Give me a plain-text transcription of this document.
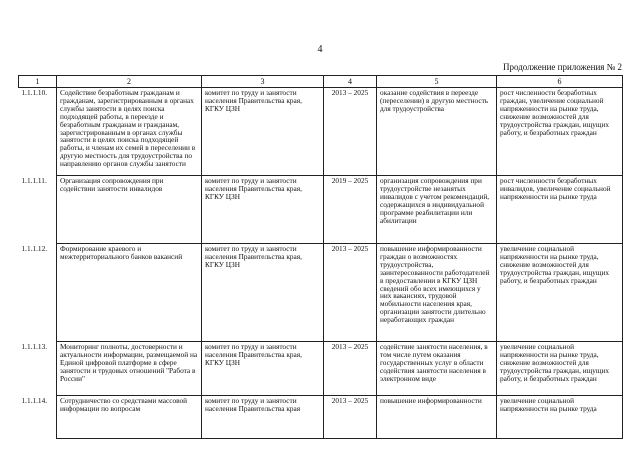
4
Продолжение приложения № 2
1	2	3	4	5	6
1.1.1.10.	Содействие безработным гражданам и гражданам, зарегистрированным в органах службы занятости в целях поиска подходящей работы, в переезде и безработным гражданам и гражданам, зарегистрированным в органах службы занятости в целях поиска подходящей работы, и членам их семей в переселении в другую местность для трудоустройства по направлению органов службы занятости	комитет по труду и занятости населения Правительства края, КГКУ ЦЗН	2013 – 2025	оказание содействия в переезде (переселении) в другую местность для трудоустройства	рост численности безработных граждан, увеличение социальной напряженности на рынке труда, снижение возможностей для трудоустройства граждан, ищущих работу, и безработных граждан
1.1.1.11.	Организация сопровождения при содействии занятости инвалидов	комитет по труду и занятости населения Правительства края, КГКУ ЦЗН	2019 – 2025	организация сопровождения при трудоустройстве незанятых инвалидов с учетом рекомендаций, содержащихся в индивидуальной программе реабилитации или абилитации	рост численности безработных инвалидов, увеличение социальной напряженности на рынке труда
1.1.1.12.	Формирование краевого и межтерриториального банков вакансий	комитет по труду и занятости населения Правительства края, КГКУ ЦЗН	2013 – 2025	повышение информированности граждан о возможностях трудоустройства, заинтересованности работодателей в предоставлении в КГКУ ЦЗН сведений обо всех имеющихся у них вакансиях, трудовой мобильности населения края, организации занятости длительно неработающих граждан	увеличение социальной напряженности на рынке труда, снижение возможностей для трудоустройства граждан, ищущих работу, и безработных граждан
1.1.1.13.	Мониторинг полноты, достоверности и актуальности информации, размещаемой на Единой цифровой платформе в сфере занятости и трудовых отношений "Работа в России"	комитет по труду и занятости населения Правительства края, КГКУ ЦЗН	2013 – 2025	содействие занятости населения, в том числе путем оказания государственных услуг в области содействия занятости населения в электронном виде	увеличение социальной напряженности на рынке труда, снижение возможностей для трудоустройства граждан, ищущих работу, и безработных граждан
1.1.1.14.	Сотрудничество со средствами массовой информации по вопросам	комитет по труду и занятости населения Правительства края	2013 – 2025	повышение информированности	увеличение социальной напряженности на рынке труда
